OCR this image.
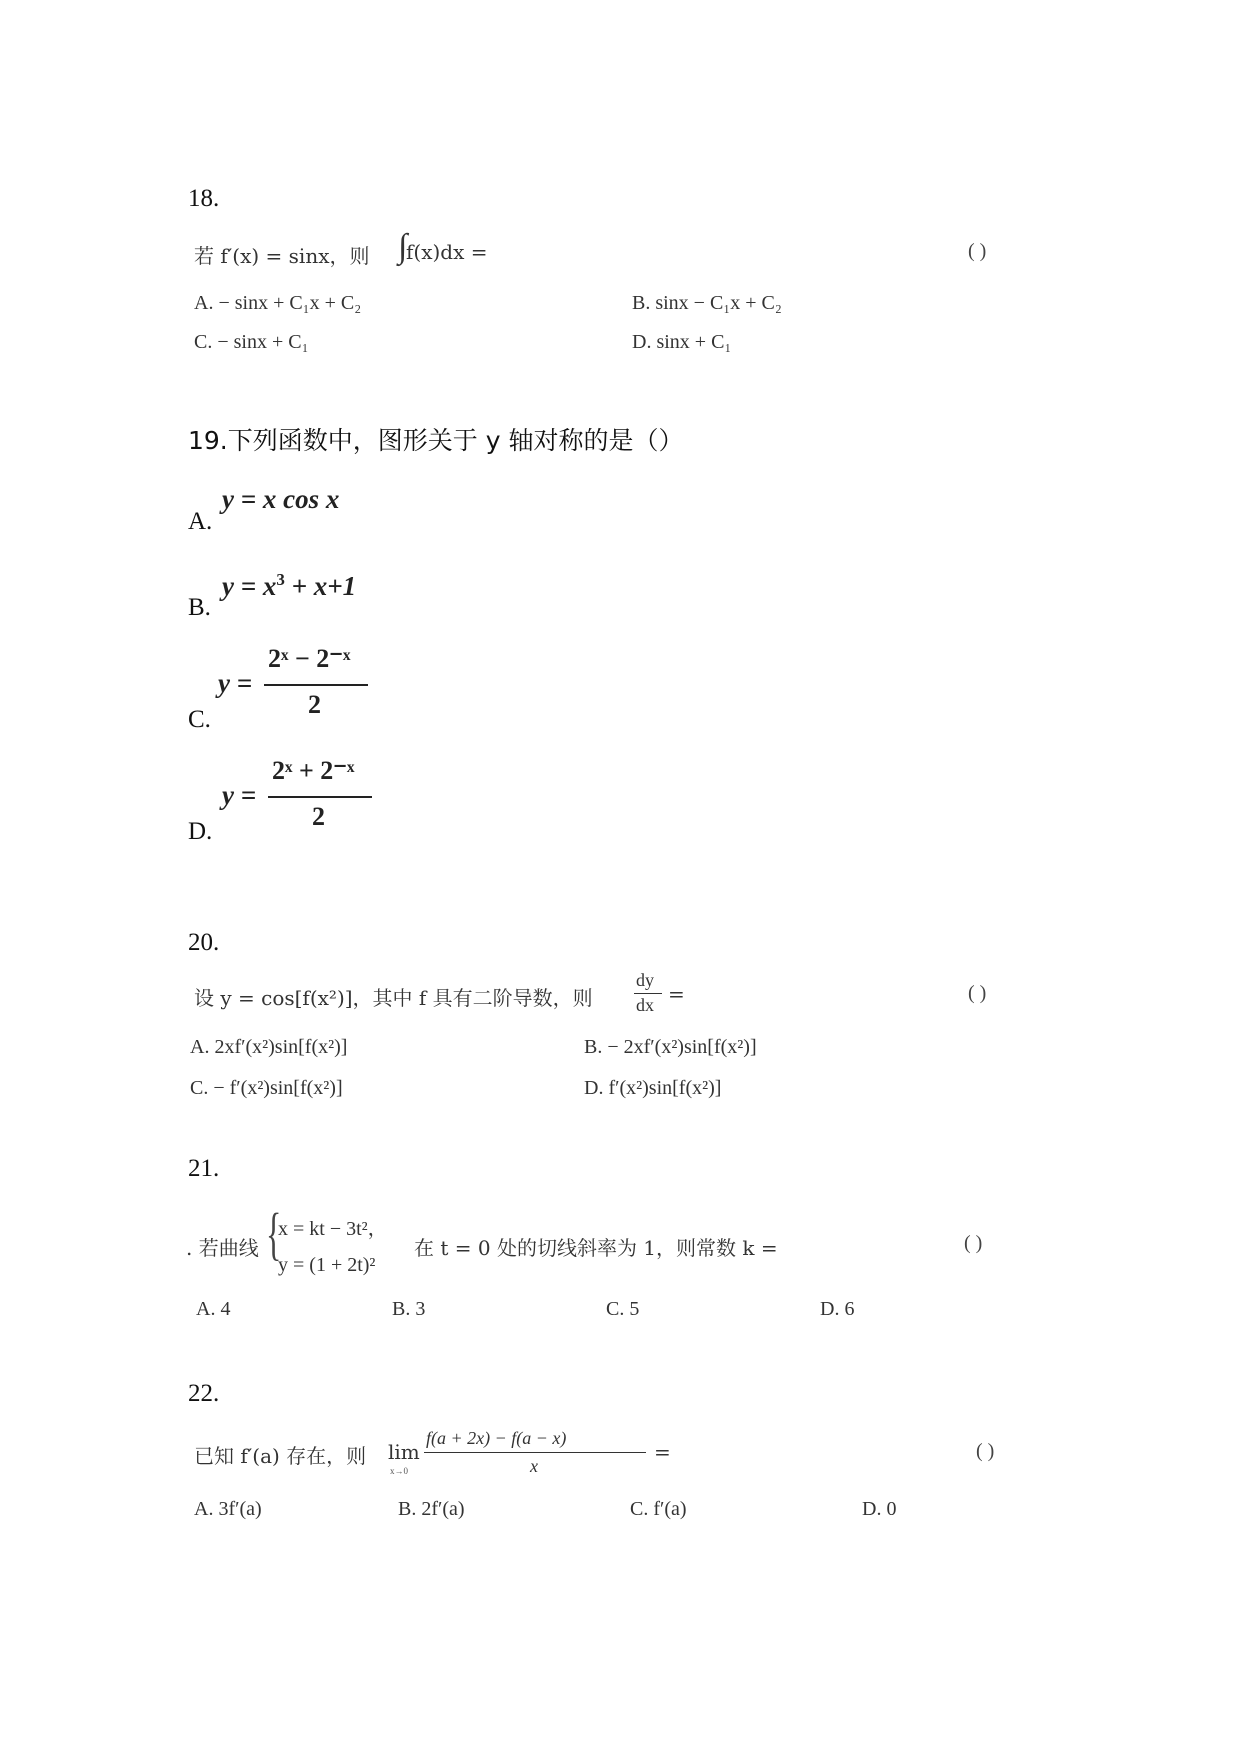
18.
若 f′(x) = sinx，则 ∫
f(x)dx =	( )
A. − sinx + C₁x + C₂	B. sinx − C₁x + C₂
C. − sinx + C₁	D. sinx + C₁
19.下列函数中，图形关于 y 轴对称的是（）
A.
y = x cos x
B.
$y = x^3 + x+1$
C.
y =
2ˣ − 2⁻ˣ
2
D.
y =
2ˣ + 2⁻ˣ
2
20.
设 y = cos[f(x²)]，其中 f 具有二阶导数，则
dy
dx =	( )
A. 2xf′(x²)sin[f(x²)]	B. − 2xf′(x²)sin[f(x²)]
C. − f′(x²)sin[f(x²)]	D. f′(x²)sin[f(x²)]
21.
. 若曲线 {
x = kt − 3t²，
y = (1 + 2t)²
在 t = 0 处的切线斜率为 1，则常数 k =	( )
A. 4	B. 3	C. 5	D. 6
22.
已知 f′(a) 存在，则 lim
x→0
f(a + 2x) − f(a − x)
x
=	( )
A. 3f′(a)	B. 2f′(a)	C. f′(a)	D. 0
